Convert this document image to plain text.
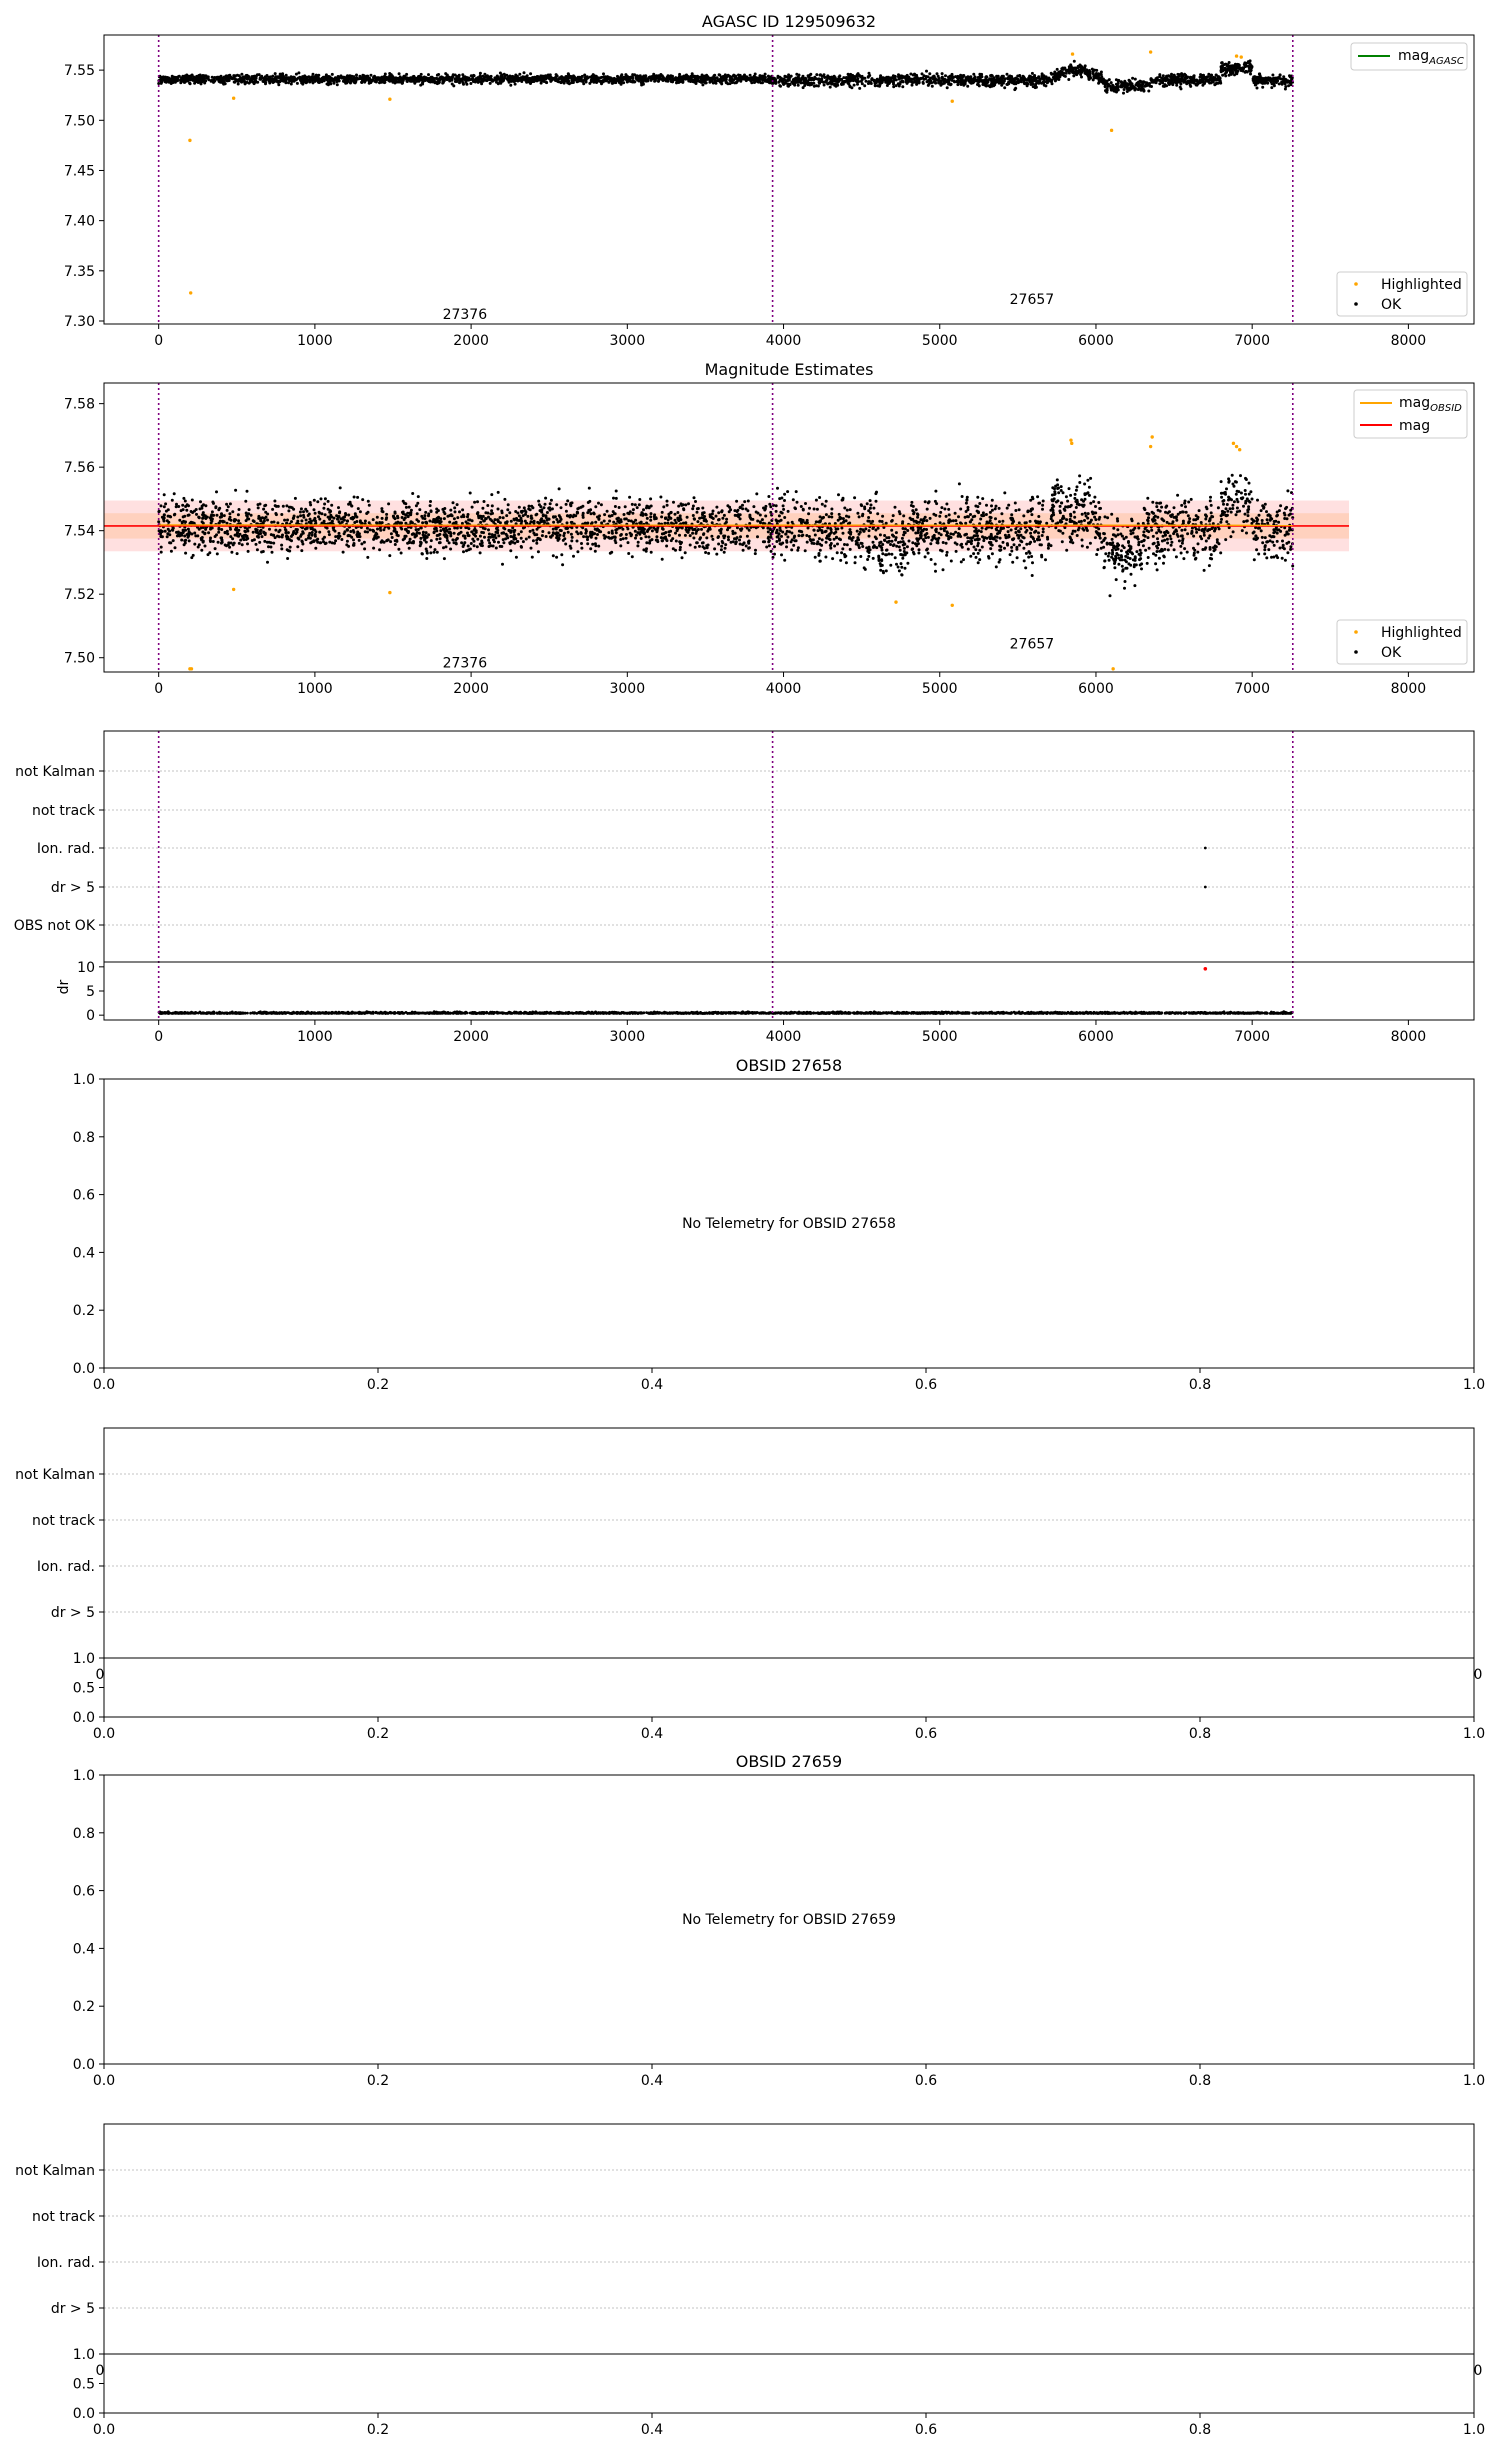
AGASC ID 129509632
27376
27657
0	1000	2000	3000	4000	5000	6000	7000	8000
7.30
7.35
7.40
7.45
7.50
7.55
mag$_{AGASC}$
Highlighted
OK
Magnitude Estimates
27376
27657
0	1000	2000	3000	4000	5000	6000	7000	8000
7.50
7.52
7.54
7.56
7.58	mag$_{OBSID}$
mag
Highlighted
OK
not Kalman
not track
Ion. rad.
dr > 5
OBS not OK
0	1000	2000	3000	4000	5000	6000	7000	8000
0
5
10
dr
OBSID 27658
No Telemetry for OBSID 27658
0.0	0.2	0.4	0.6	0.8	1.0
0.0
0.2
0.4
0.6
0.8
1.0
not Kalman
not track
Ion. rad.
dr > 5
0	0
0.0	0.2	0.4	0.6	0.8	1.0
0.0
0.5
1.0
OBSID 27659
No Telemetry for OBSID 27659
0.0	0.2	0.4	0.6	0.8	1.0
0.0
0.2
0.4
0.6
0.8
1.0
not Kalman
not track
Ion. rad.
dr > 5
0	0
0.0	0.2	0.4	0.6	0.8	1.0
0.0
0.5
1.0
